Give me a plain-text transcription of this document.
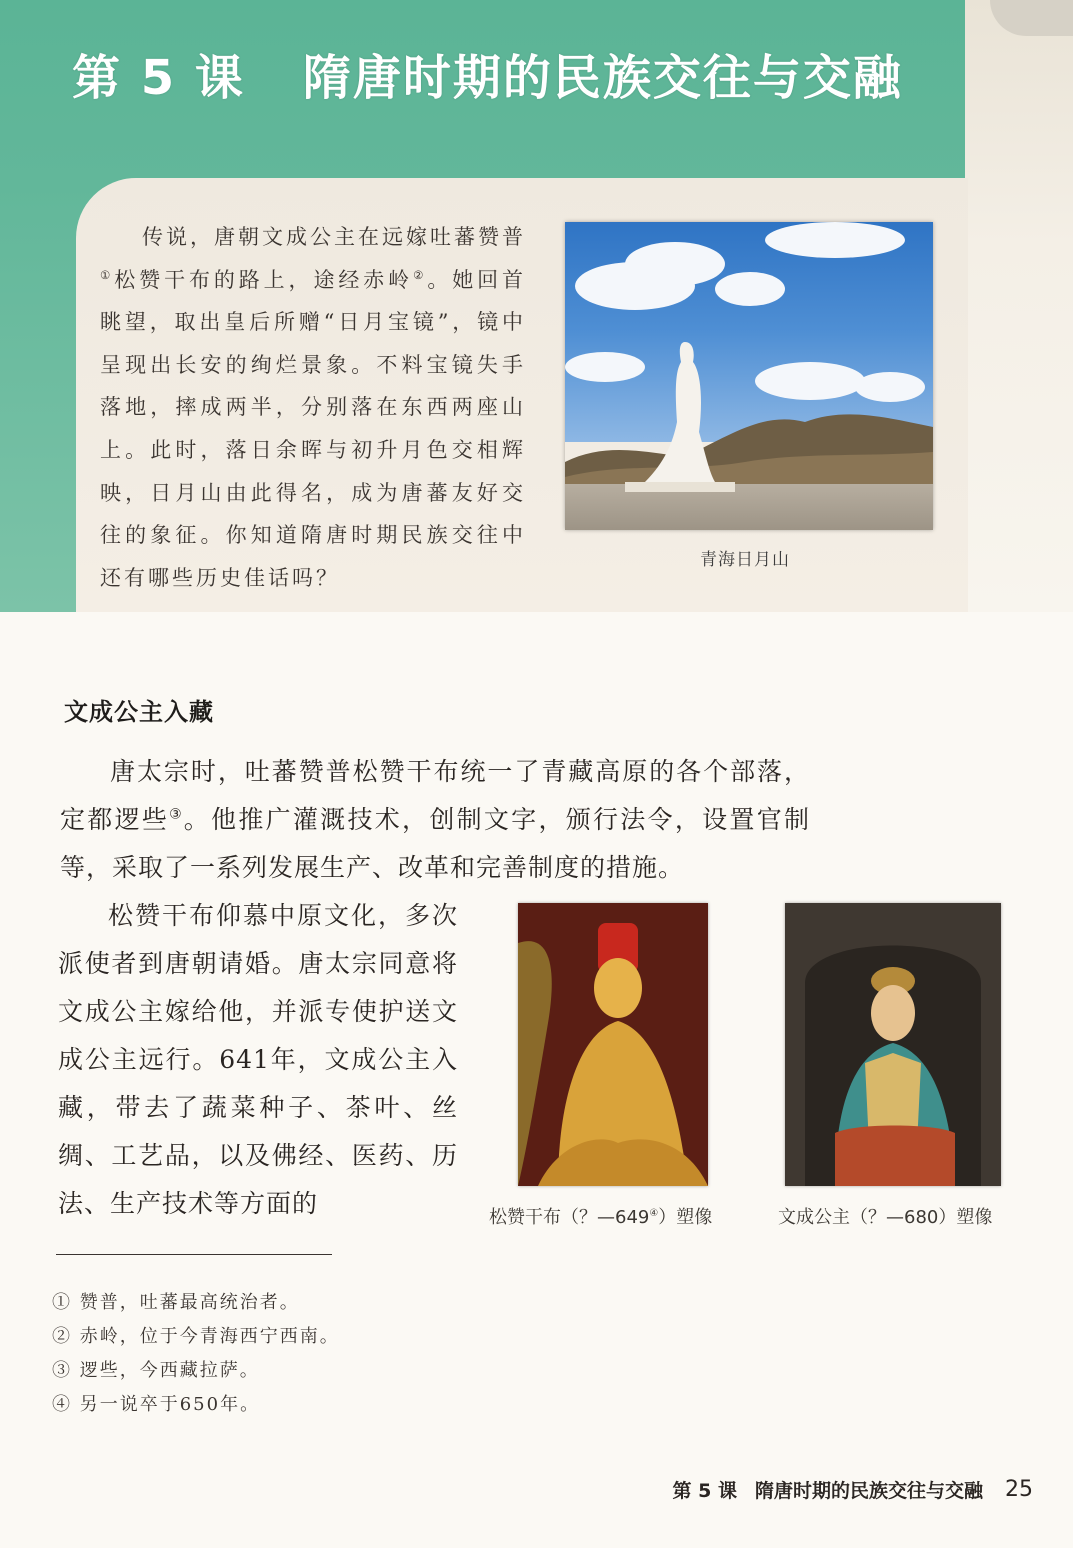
第 5 课 隋唐时期的民族交往与交融

传说，唐朝文成公主在远嫁吐蕃赞普①松赞干布的路上，途经赤岭②。她回首眺望，取出皇后所赠“日月宝镜”，镜中呈现出长安的绚烂景象。不料宝镜失手落地，摔成两半，分别落在东西两座山上。此时，落日余晖与初升月色交相辉映，日月山由此得名，成为唐蕃友好交往的象征。你知道隋唐时期民族交往中还有哪些历史佳话吗？

青海日月山
文成公主入藏

唐太宗时，吐蕃赞普松赞干布统一了青藏高原的各个部落，定都逻些③。他推广灌溉技术，创制文字，颁行法令，设置官制等，采取了一系列发展生产、改革和完善制度的措施。

松赞干布仰慕中原文化，多次派使者到唐朝请婚。唐太宗同意将文成公主嫁给他，并派专使护送文成公主远行。641年，文成公主入藏，带去了蔬菜种子、茶叶、丝绸、工艺品，以及佛经、医药、历法、生产技术等方面的	松赞干布（？—649④）塑像	文成公主（？—680）塑像
① 赞普，吐蕃最高统治者。
② 赤岭，位于今青海西宁西南。
③ 逻些，今西藏拉萨。
④ 另一说卒于650年。
第 5 课 隋唐时期的民族交往与交融 25
